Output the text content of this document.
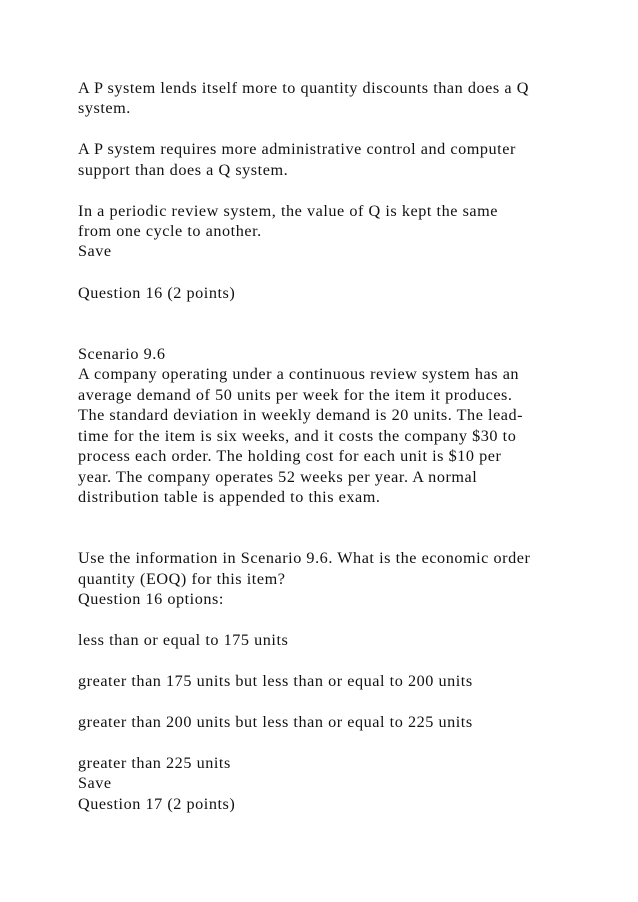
A P system lends itself more to quantity discounts than does a Q
system.
A P system requires more administrative control and computer
support than does a Q system.
In a periodic review system, the value of Q is kept the same
from one cycle to another.
Save
Question 16 (2 points)
Scenario 9.6
A company operating under a continuous review system has an
average demand of 50 units per week for the item it produces.
The standard deviation in weekly demand is 20 units. The lead-
time for the item is six weeks, and it costs the company $30 to
process each order. The holding cost for each unit is $10 per
year. The company operates 52 weeks per year. A normal
distribution table is appended to this exam.
Use the information in Scenario 9.6. What is the economic order
quantity (EOQ) for this item?
Question 16 options:
less than or equal to 175 units
greater than 175 units but less than or equal to 200 units
greater than 200 units but less than or equal to 225 units
greater than 225 units
Save
Question 17 (2 points)
